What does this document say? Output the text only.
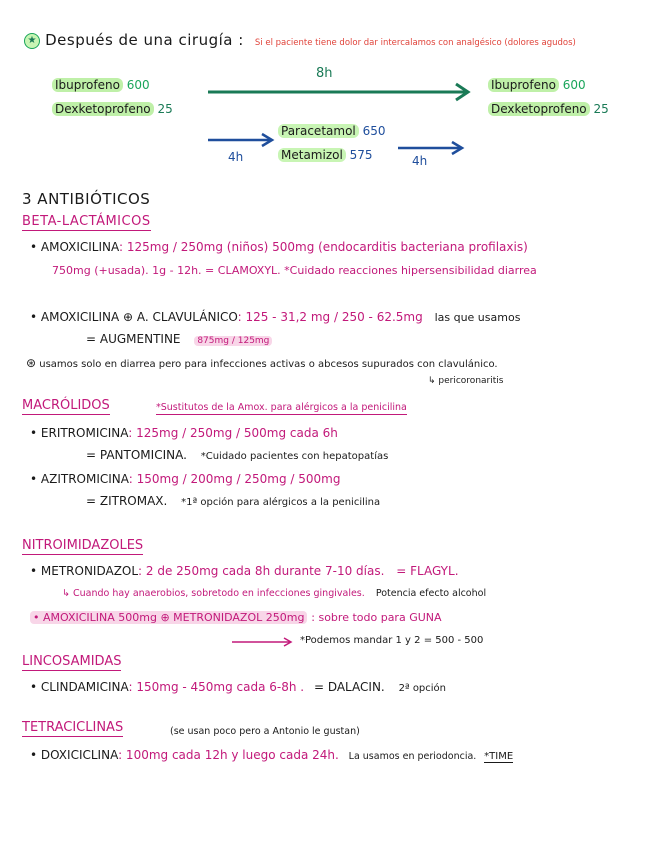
★ Después de una cirugía : Si el paciente tiene dolor dar intercalamos con analgésico (dolores agudos)
Ibuprofeno 600
Dexketoprofeno 25
8h
Ibuprofeno 600
Dexketoprofeno 25
Paracetamol 650
Metamizol 575
4h	4h
3 ANTIBIÓTICOS
BETA-LACTÁMICOS
• AMOXICILINA: 125mg / 250mg (niños) 500mg (endocarditis bacteriana profilaxis)
750mg (+usada). 1g - 12h. = CLAMOXYL. *Cuidado reacciones hipersensibilidad diarrea
• AMOXICILINA ⊕ A. CLAVULÁNICO: 125 - 31,2 mg / 250 - 62.5mg las que usamos
= AUGMENTINE 875mg / 125mg
⊛ usamos solo en diarrea pero para infecciones activas o abcesos supurados con clavulánico.
↳ pericoronaritis
MACRÓLIDOS	*Sustitutos de la Amox. para alérgicos a la penicilina
• ERITROMICINA: 125mg / 250mg / 500mg cada 6h
= PANTOMICINA. *Cuidado pacientes con hepatopatías
• AZITROMICINA: 150mg / 200mg / 250mg / 500mg
= ZITROMAX. *1ª opción para alérgicos a la penicilina
NITROIMIDAZOLES
• METRONIDAZOL: 2 de 250mg cada 8h durante 7-10 días. = FLAGYL.
↳ Cuando hay anaerobios, sobretodo en infecciones gingivales. Potencia efecto alcohol
• AMOXICILINA 500mg ⊕ METRONIDAZOL 250mg : sobre todo para GUNA
*Podemos mandar 1 y 2 = 500 - 500
LINCOSAMIDAS
• CLINDAMICINA: 150mg - 450mg cada 6-8h . = DALACIN. 2ª opción
TETRACICLINAS	(se usan poco pero a Antonio le gustan)
• DOXICICLINA: 100mg cada 12h y luego cada 24h. La usamos en periodoncia. *TIME
